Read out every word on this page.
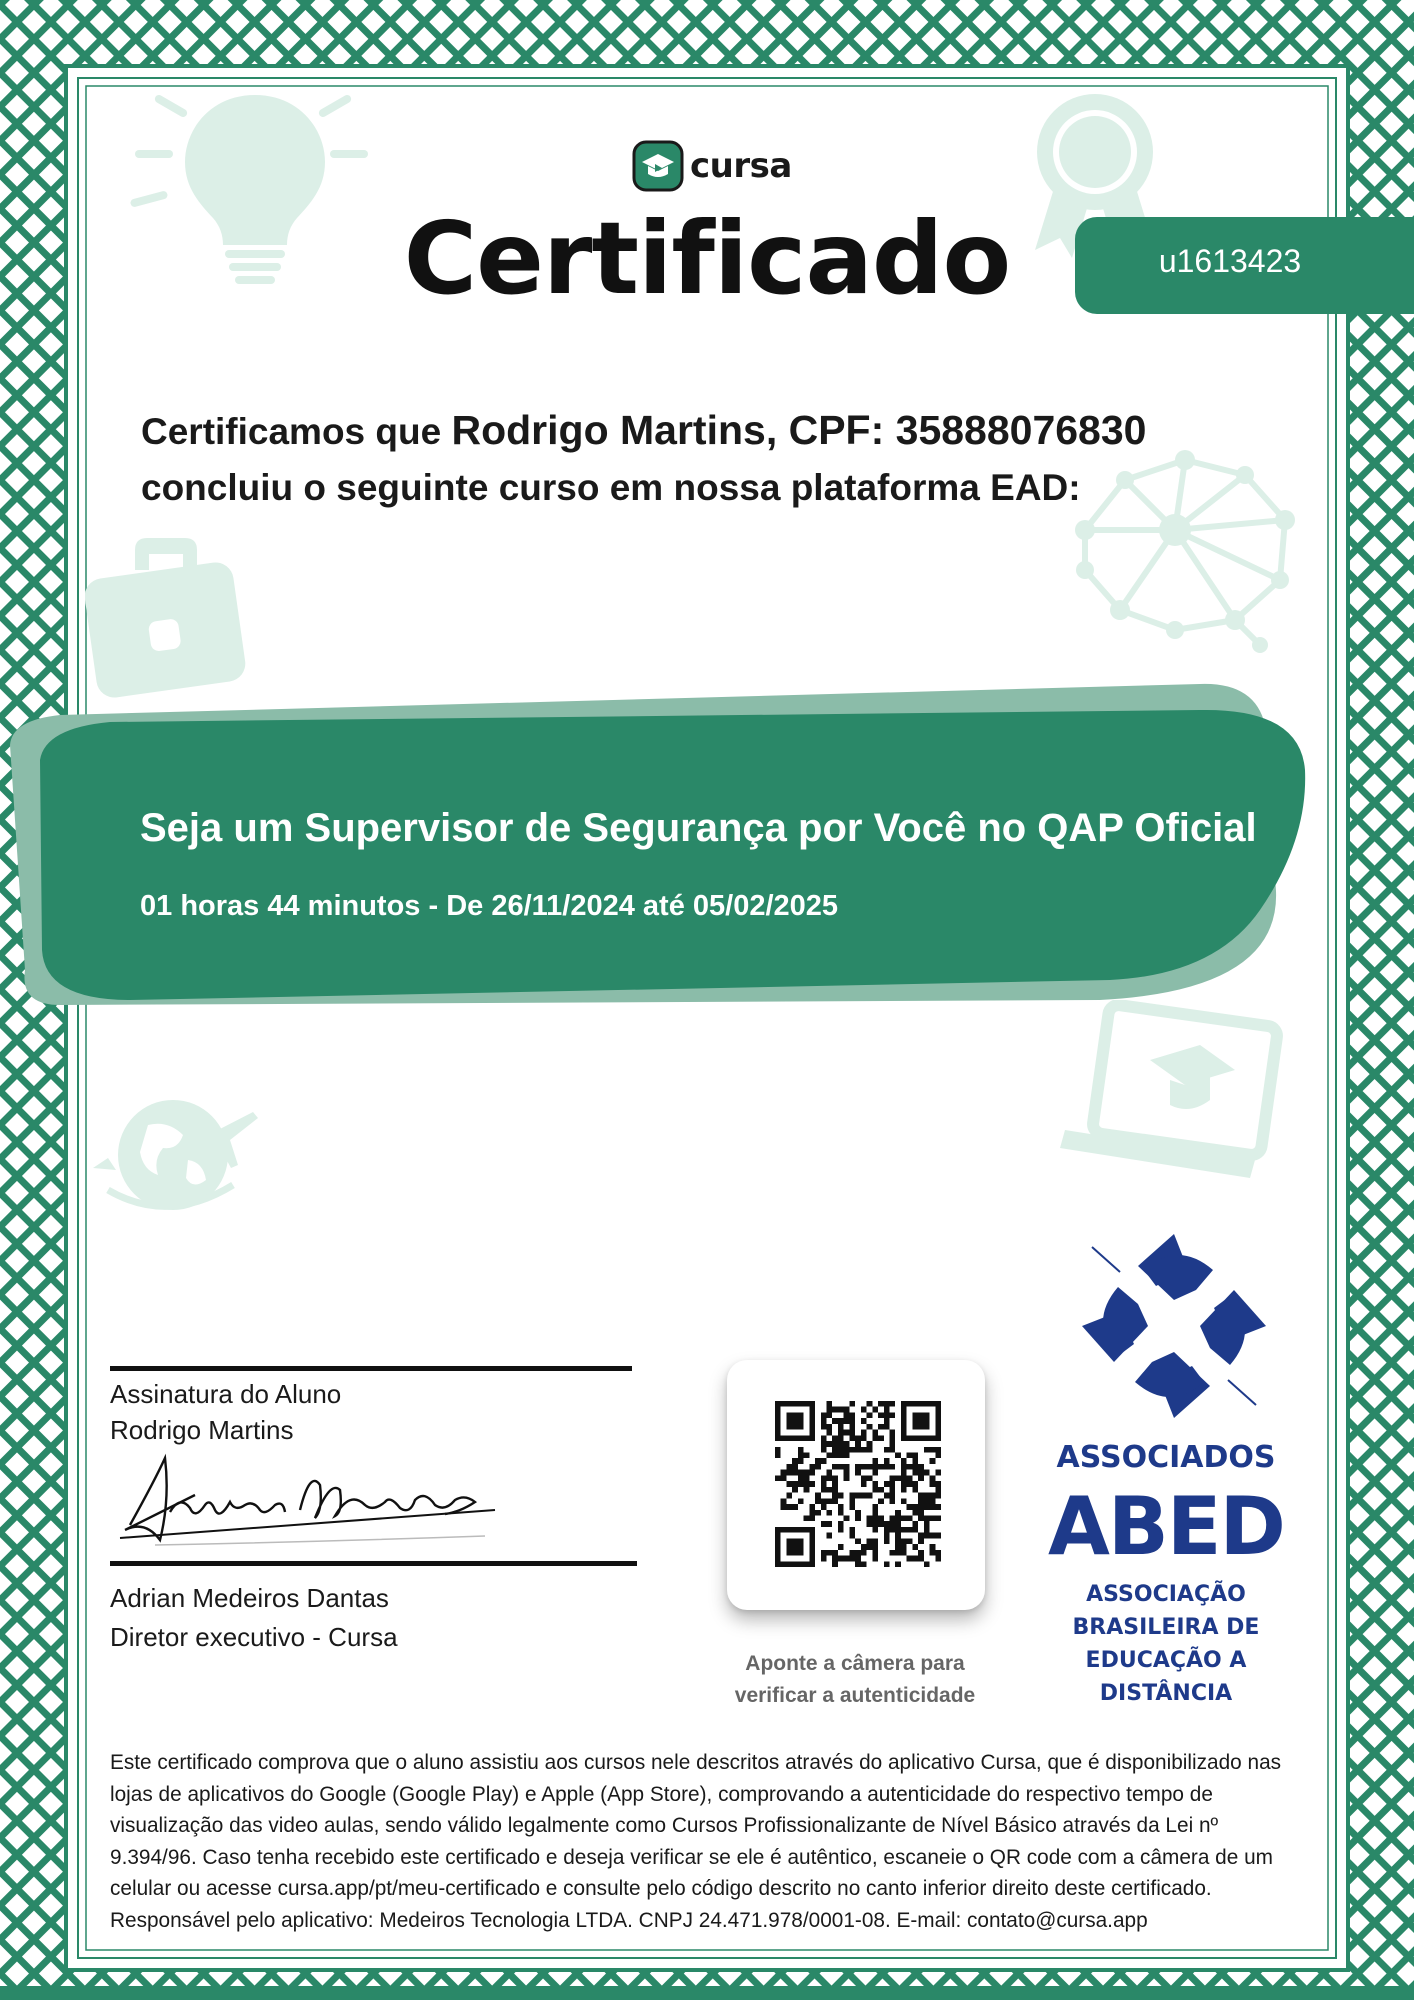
cursa
Certificado	u1613423
Certificamos que Rodrigo Martins, CPF: 35888076830
concluiu o seguinte curso em nossa plataforma EAD:
Seja um Supervisor de Segurança por Você no QAP Oficial
01 horas 44 minutos - De 26/11/2024 até 05/02/2025
Assinatura do Aluno
Rodrigo Martins
Adrian Medeiros Dantas
Diretor executivo - Cursa
Aponte a câmera para
verificar a autenticidade
ASSOCIADOS
ABED
ASSOCIAÇÃO
BRASILEIRA DE
EDUCAÇÃO A
DISTÂNCIA
Este certificado comprova que o aluno assistiu aos cursos nele descritos através do aplicativo Cursa, que é disponibilizado nas lojas de aplicativos do Google (Google Play) e Apple (App Store), comprovando a autenticidade do respectivo tempo de visualização das video aulas, sendo válido legalmente como Cursos Profissionalizante de Nível Básico através da Lei nº 9.394/96. Caso tenha recebido este certificado e deseja verificar se ele é autêntico, escaneie o QR code com a câmera de um celular ou acesse cursa.app/pt/meu-certificado e consulte pelo código descrito no canto inferior direito deste certificado.
Responsável pelo aplicativo: Medeiros Tecnologia LTDA. CNPJ 24.471.978/0001-08. E-mail: contato@cursa.app
